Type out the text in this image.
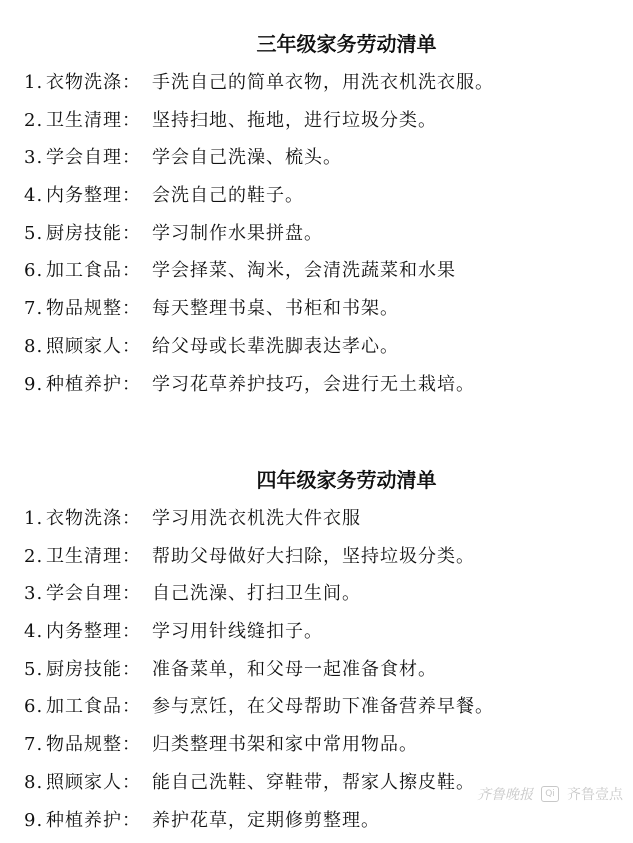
三年级家务劳动清单
1. 衣物洗涤： 手洗自己的简单衣物，用洗衣机洗衣服。
2. 卫生清理： 坚持扫地、拖地，进行垃圾分类。
3. 学会自理： 学会自己洗澡、梳头。
4. 内务整理： 会洗自己的鞋子。
5. 厨房技能： 学习制作水果拼盘。
6. 加工食品： 学会择菜、淘米，会清洗蔬菜和水果
7. 物品规整： 每天整理书桌、书柜和书架。
8. 照顾家人： 给父母或长辈洗脚表达孝心。
9. 种植养护： 学习花草养护技巧，会进行无土栽培。
四年级家务劳动清单
1. 衣物洗涤： 学习用洗衣机洗大件衣服
2. 卫生清理： 帮助父母做好大扫除，坚持垃圾分类。
3. 学会自理： 自己洗澡、打扫卫生间。
4. 内务整理： 学习用针线缝扣子。
5. 厨房技能： 准备菜单，和父母一起准备食材。
6. 加工食品： 参与烹饪，在父母帮助下准备营养早餐。
7. 物品规整： 归类整理书架和家中常用物品。
8. 照顾家人： 能自己洗鞋、穿鞋带，帮家人擦皮鞋。
9. 种植养护： 养护花草，定期修剪整理。
齐鲁晚报	Qi 齐鲁壹点
